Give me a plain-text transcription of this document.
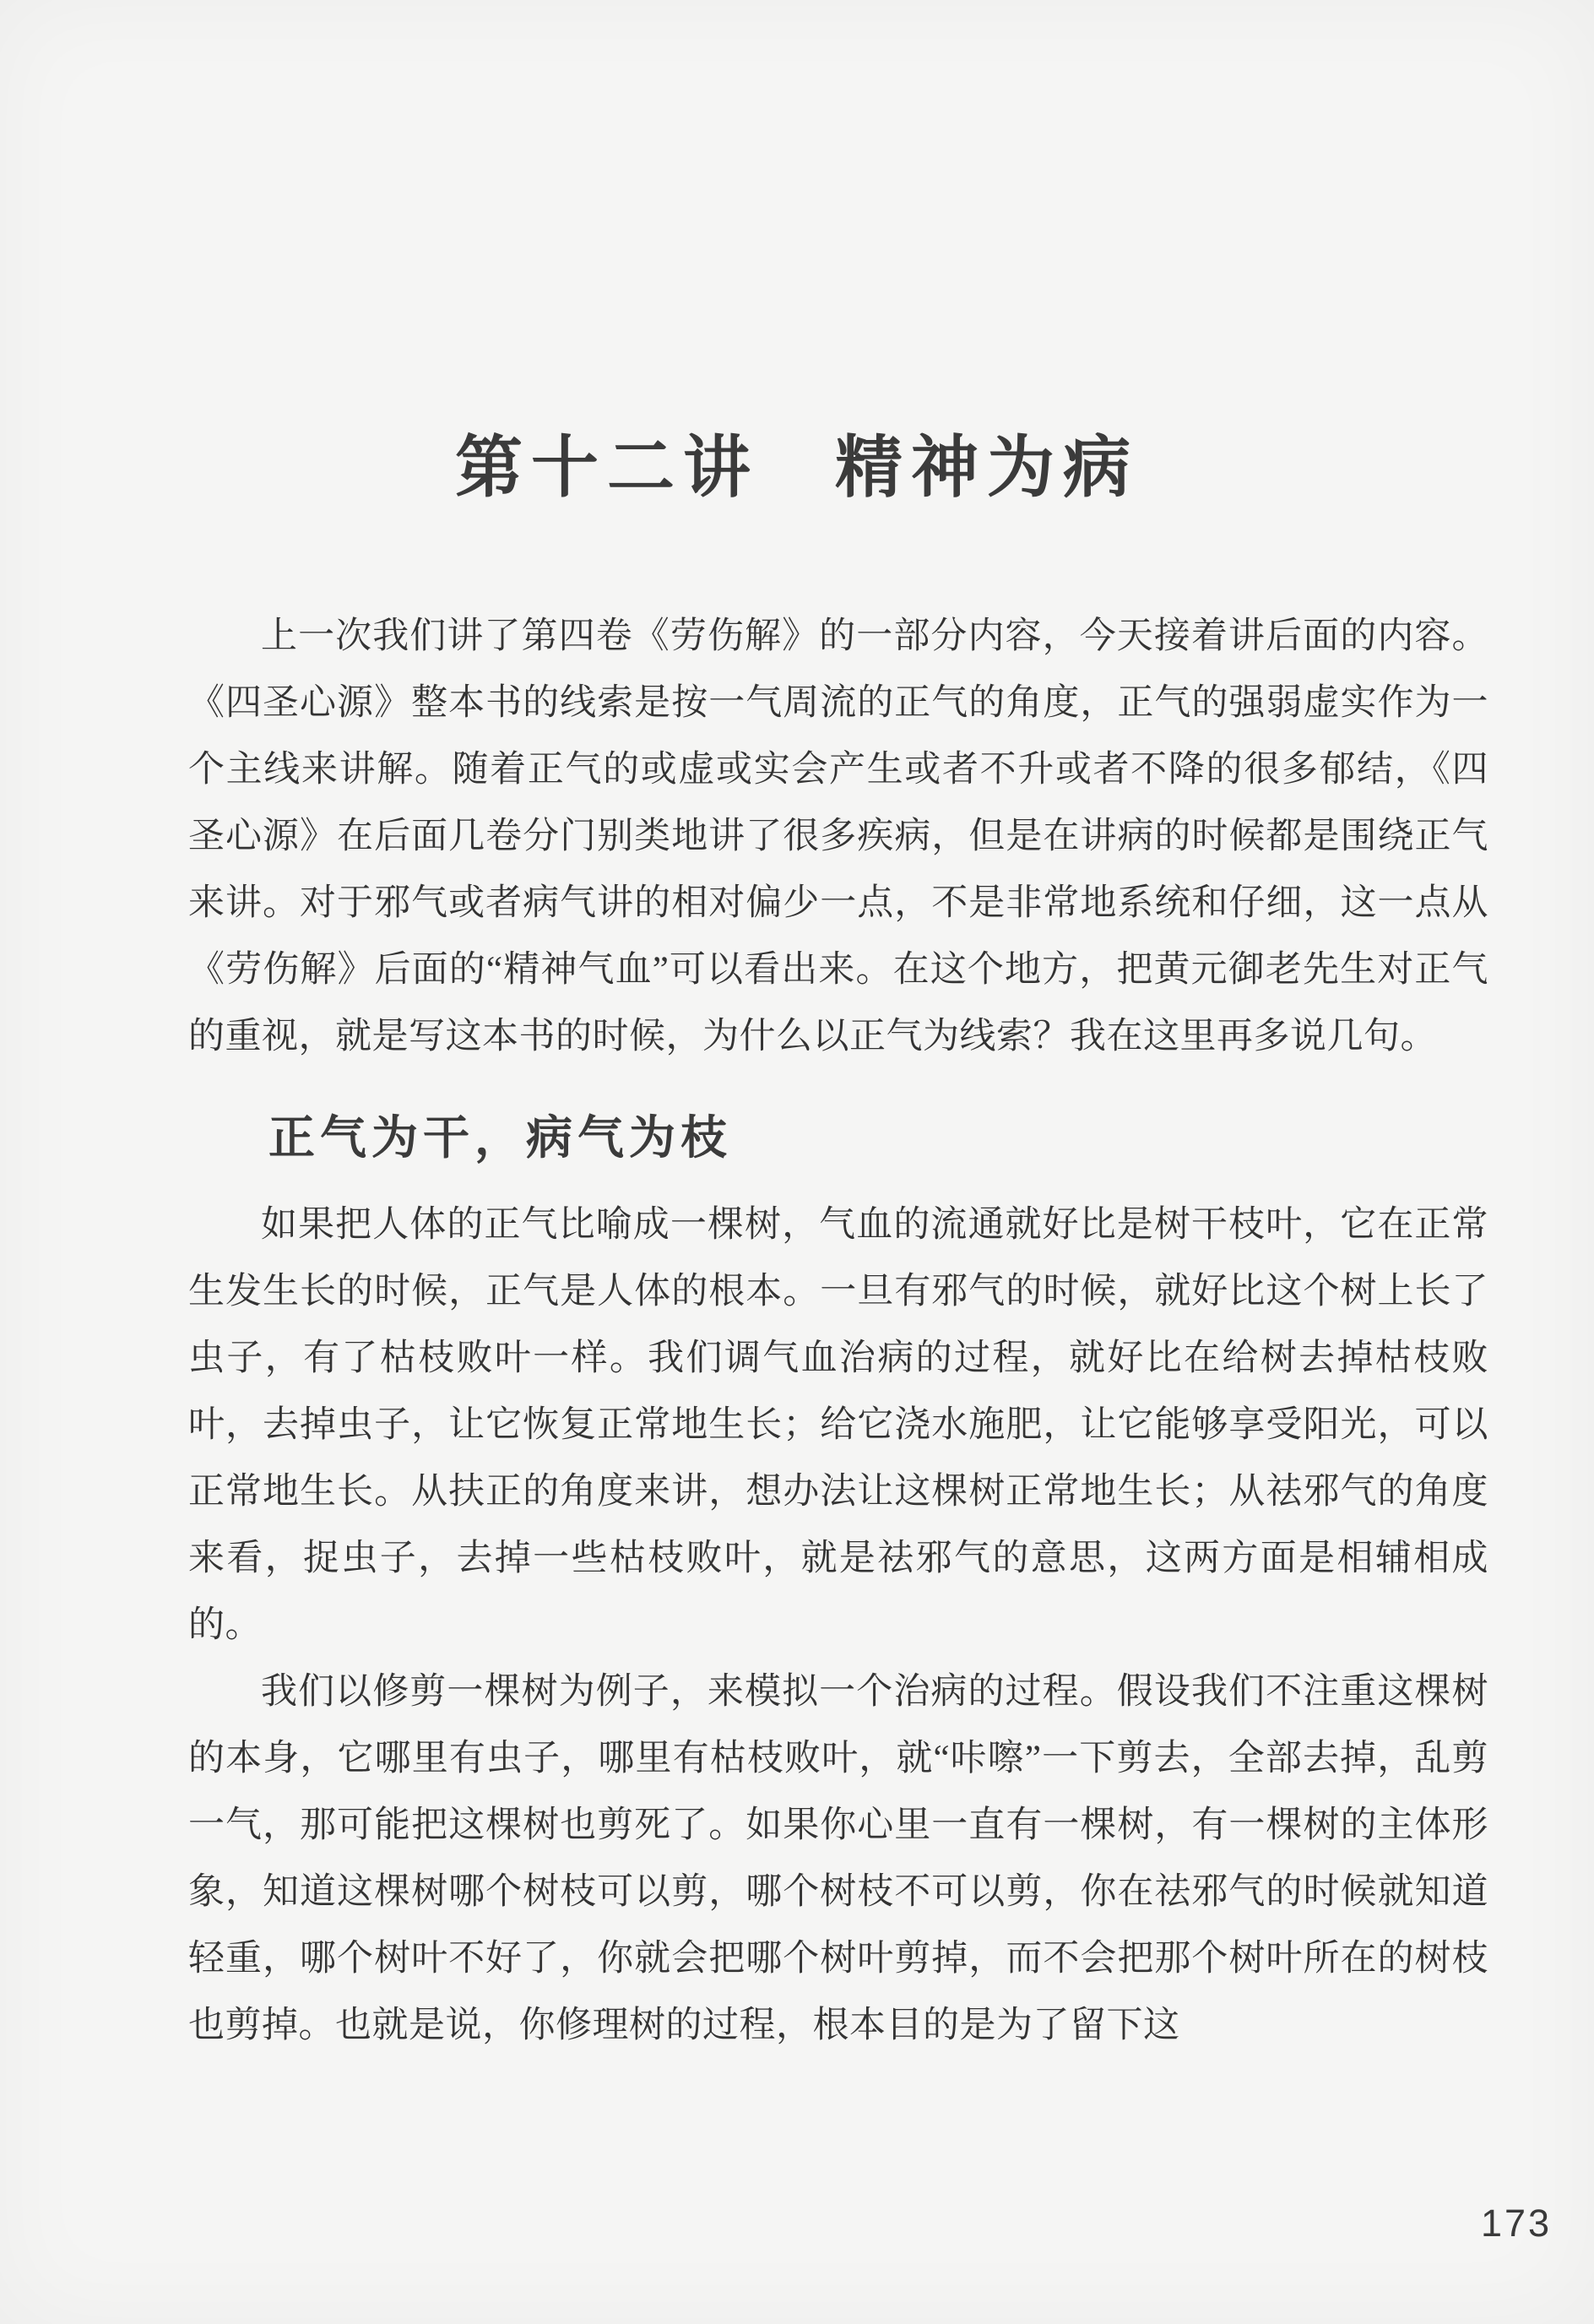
第十二讲　精神为病

上一次我们讲了第四卷《劳伤解》的一部分内容，今天接着讲后面的内容。《四圣心源》整本书的线索是按一气周流的正气的角度，正气的强弱虚实作为一个主线来讲解。随着正气的或虚或实会产生或者不升或者不降的很多郁结，《四圣心源》在后面几卷分门别类地讲了很多疾病，但是在讲病的时候都是围绕正气来讲。对于邪气或者病气讲的相对偏少一点，不是非常地系统和仔细，这一点从《劳伤解》后面的“精神气血”可以看出来。在这个地方，把黄元御老先生对正气的重视，就是写这本书的时候，为什么以正气为线索？我在这里再多说几句。

正气为干，病气为枝

如果把人体的正气比喻成一棵树，气血的流通就好比是树干枝叶，它在正常生发生长的时候，正气是人体的根本。一旦有邪气的时候，就好比这个树上长了虫子，有了枯枝败叶一样。我们调气血治病的过程，就好比在给树去掉枯枝败叶，去掉虫子，让它恢复正常地生长；给它浇水施肥，让它能够享受阳光，可以正常地生长。从扶正的角度来讲，想办法让这棵树正常地生长；从祛邪气的角度来看，捉虫子，去掉一些枯枝败叶，就是祛邪气的意思，这两方面是相辅相成的。

我们以修剪一棵树为例子，来模拟一个治病的过程。假设我们不注重这棵树的本身，它哪里有虫子，哪里有枯枝败叶，就“咔嚓”一下剪去，全部去掉，乱剪一气，那可能把这棵树也剪死了。如果你心里一直有一棵树，有一棵树的主体形象，知道这棵树哪个树枝可以剪，哪个树枝不可以剪，你在祛邪气的时候就知道轻重，哪个树叶不好了，你就会把哪个树叶剪掉，而不会把那个树叶所在的树枝也剪掉。也就是说，你修理树的过程，根本目的是为了留下这

173
